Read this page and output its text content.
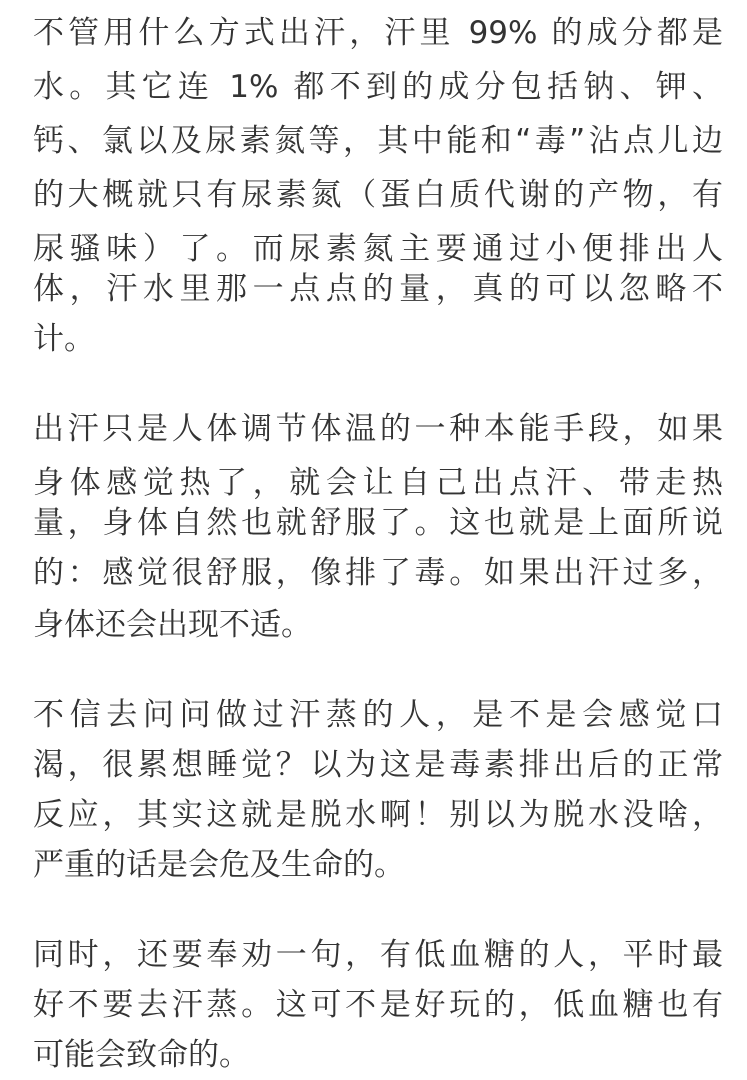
不管用什么方式出汗，汗里 99% 的成分都是
水。其它连 1% 都不到的成分包括钠、钾、
钙、氯以及尿素氮等，其中能和“毒”沾点儿边
的大概就只有尿素氮（蛋白质代谢的产物，有
尿骚味）了。而尿素氮主要通过小便排出人
体，汗水里那一点点的量，真的可以忽略不
计。
出汗只是人体调节体温的一种本能手段，如果
身体感觉热了，就会让自己出点汗、带走热
量，身体自然也就舒服了。这也就是上面所说
的：感觉很舒服，像排了毒。如果出汗过多，
身体还会出现不适。
不信去问问做过汗蒸的人，是不是会感觉口
渴，很累想睡觉？以为这是毒素排出后的正常
反应，其实这就是脱水啊！别以为脱水没啥，
严重的话是会危及生命的。
同时，还要奉劝一句，有低血糖的人，平时最
好不要去汗蒸。这可不是好玩的，低血糖也有
可能会致命的。
